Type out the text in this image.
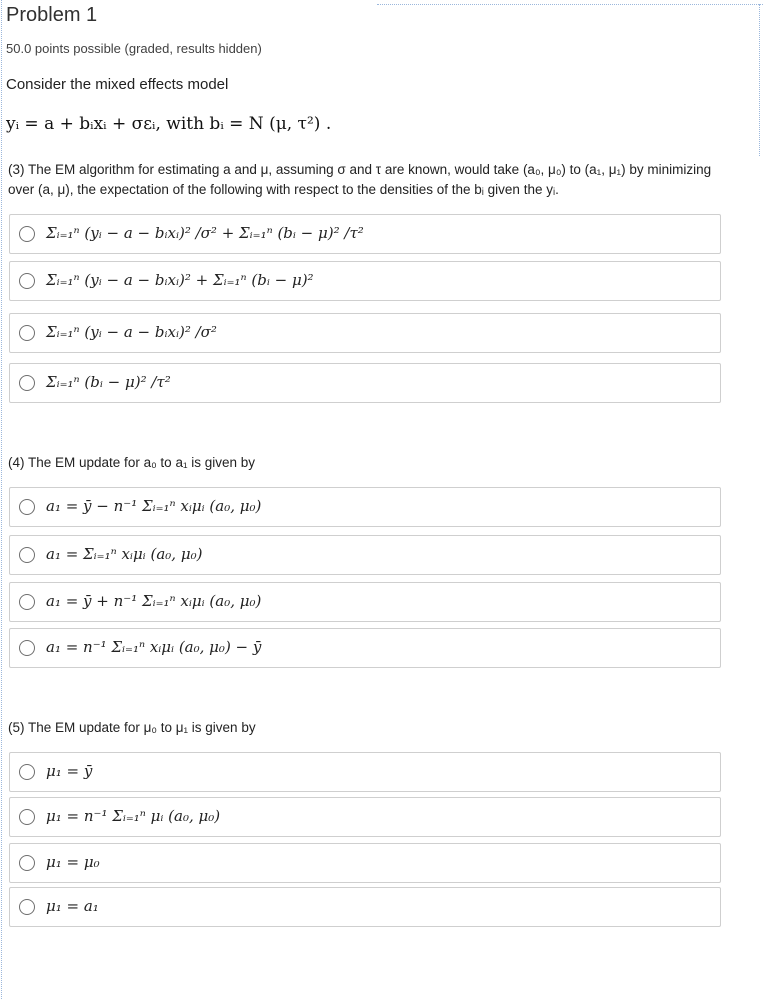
Problem 1
50.0 points possible (graded, results hidden)
Consider the mixed effects model
yᵢ = a + bᵢxᵢ + σεᵢ, with bᵢ = N (μ, τ²) .
(3) The EM algorithm for estimating a and μ, assuming σ and τ are known, would take (a₀, μ₀) to (a₁, μ₁) by minimizing over (a, μ), the expectation of the following with respect to the densities of the bᵢ given the yᵢ.
Σᵢ₌₁ⁿ (yᵢ − a − bᵢxᵢ)² /σ² + Σᵢ₌₁ⁿ (bᵢ − μ)² /τ²
Σᵢ₌₁ⁿ (yᵢ − a − bᵢxᵢ)² + Σᵢ₌₁ⁿ (bᵢ − μ)²
Σᵢ₌₁ⁿ (yᵢ − a − bᵢxᵢ)² /σ²
Σᵢ₌₁ⁿ (bᵢ − μ)² /τ²
(4) The EM update for a₀ to a₁ is given by
a₁ = ȳ − n⁻¹ Σᵢ₌₁ⁿ xᵢμᵢ (a₀, μ₀)
a₁ = Σᵢ₌₁ⁿ xᵢμᵢ (a₀, μ₀)
a₁ = ȳ + n⁻¹ Σᵢ₌₁ⁿ xᵢμᵢ (a₀, μ₀)
a₁ = n⁻¹ Σᵢ₌₁ⁿ xᵢμᵢ (a₀, μ₀) − ȳ
(5) The EM update for μ₀ to μ₁ is given by
μ₁ = ȳ
μ₁ = n⁻¹ Σᵢ₌₁ⁿ μᵢ (a₀, μ₀)
μ₁ = μ₀
μ₁ = a₁
